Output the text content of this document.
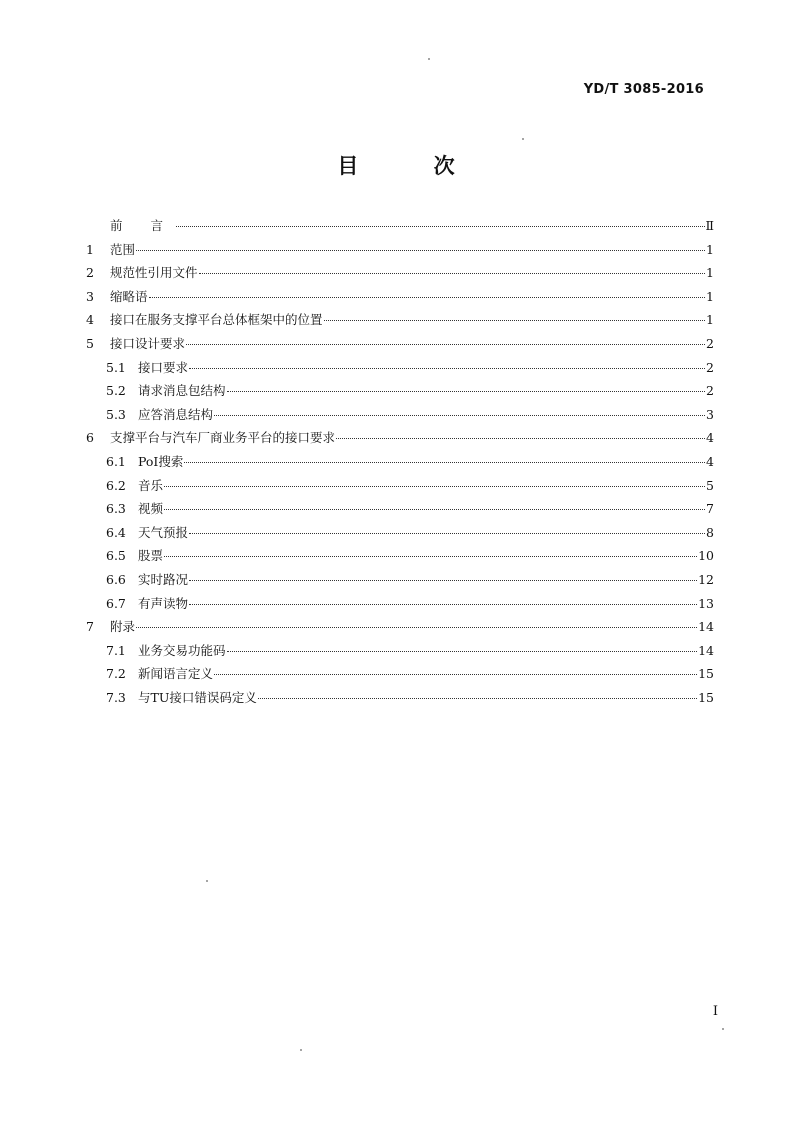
YD/T 3085-2016
目 次
前 言	Ⅱ
1	范围	1
2	规范性引用文件	1
3	缩略语	1
4	接口在服务支撑平台总体框架中的位置	1
5	接口设计要求	2
5.1 接口要求	2
5.2 请求消息包结构	2
5.3 应答消息结构	3
6	支撑平台与汽车厂商业务平台的接口要求	4
6.1 PoI搜索	4
6.2 音乐	5
6.3 视频	7
6.4 天气预报	8
6.5 股票	10
6.6 实时路况	12
6.7 有声读物	13
7	附录	14
7.1 业务交易功能码	14
7.2 新闻语言定义	15
7.3 与TU接口错误码定义	15
I
